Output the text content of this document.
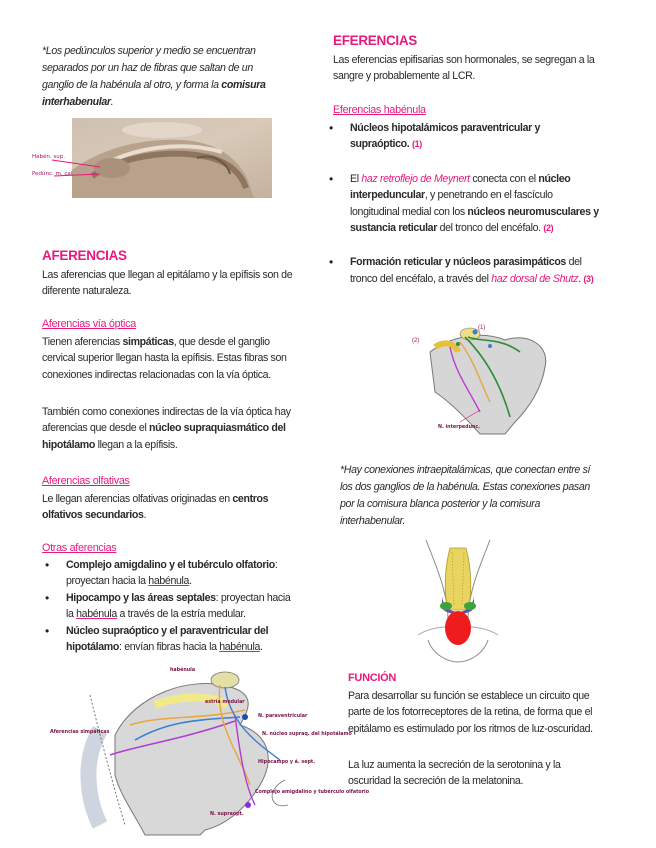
*Los pedúnculos superior y medio se encuentran separados por un haz de fibras que saltan de un ganglio de la habénula al otro, y forma la comisura interhabenular.

Habén. sup.
Pedúnc. m. cal.
AFERENCIAS

Las aferencias que llegan al epitálamo y la epífisis son de diferente naturaleza.

Aferencias vía óptica

Tienen aferencias simpáticas, que desde el ganglio cervical superior llegan hasta la epífisis. Estas fibras son conexiones indirectas relacionadas con la vía óptica.

También como conexiones indirectas de la vía óptica hay aferencias que desde el núcleo supraquiasmático del hipotálamo llegan a la epífisis.

Aferencias olfativas

Le llegan aferencias olfativas originadas en centros olfativos secundarios.

Otras aferencias
• Complejo amigdalino y el tubérculo olfatorio: proyectan hacia la habénula.
• Hipocampo y las áreas septales: proyectan hacia la habénula a través de la estría medular.
• Núcleo supraóptico y el paraventricular del hipotálamo: envían fibras hacia la habénula.
habénula
estría medular
Aferencias simpáticas
N. paraventricular
N. núcleo supraq. del hipotálamo
Hipocampo y á. sept.
Complejo amigdalino y tubérculo olfatorio
N. supraópt.
EFERENCIAS

Las eferencias epifisarias son hormonales, se segregan a la sangre y probablemente al LCR.

Eferencias habénula
• Núcleos hipotalámicos paraventricular y supraóptico. (1)
• El haz retroflejo de Meynert conecta con el núcleo interpeduncular, y penetrando en el fascículo longitudinal medial con los núcleos neuromusculares y sustancia reticular del tronco del encéfalo. (2)
• Formación reticular y núcleos parasimpáticos del tronco del encéfalo, a través del haz dorsal de Shutz. (3)
(1)
(2)
N. interpedunc.

*Hay conexiones intraepitalámicas, que conectan entre sí los dos ganglios de la habénula. Estas conexiones pasan por la comisura blanca posterior y la comisura interhabenular.

FUNCIÓN

Para desarrollar su función se establece un circuito que parte de los fotorreceptores de la retina, de forma que el epitálamo es estimulado por los ritmos de luz-oscuridad.

La luz aumenta la secreción de la serotonina y la oscuridad la secreción de la melatonina.
